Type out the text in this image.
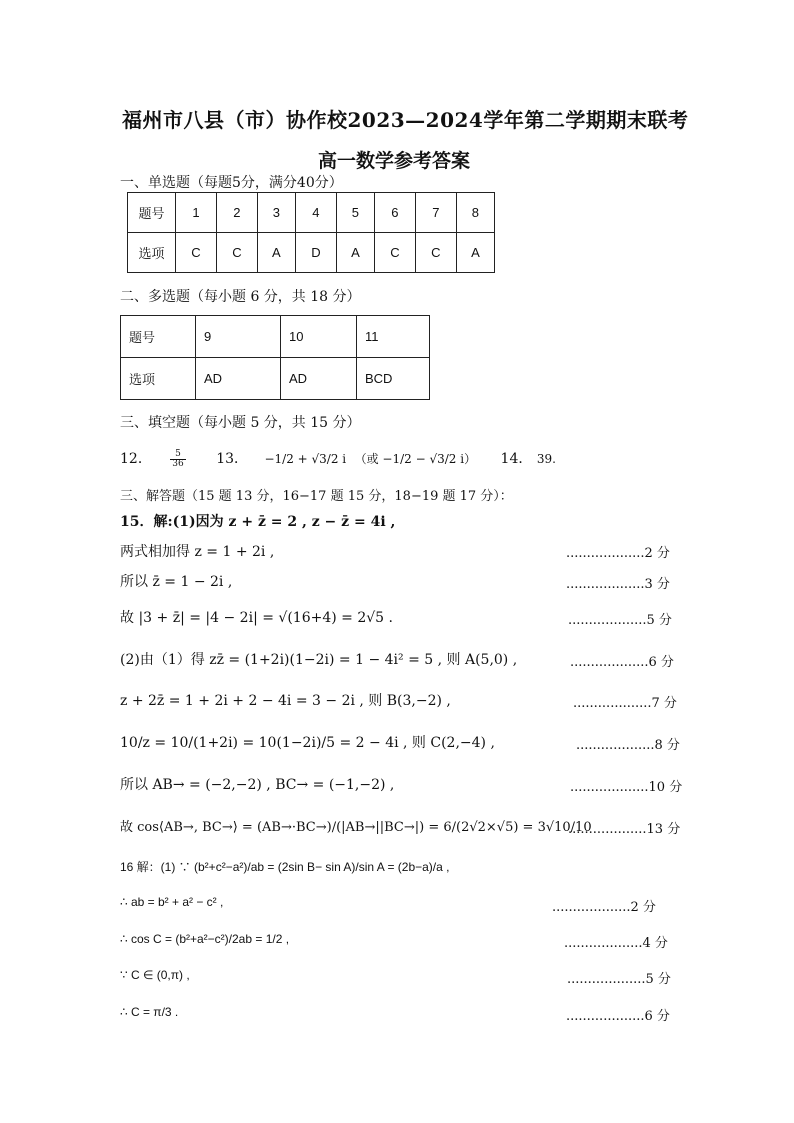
福州市八县（市）协作校2023—2024学年第二学期期末联考
高一数学参考答案
一、单选题（每题5分，满分40分）
题号	1	2	3	4	5	6	7	8
选项	C	C	A	D	A	C	C	A
二、多选题（每小题 6 分，共 18 分）
题号	9	10	11
选项	AD	AD	BCD
三、填空题（每小题 5 分，共 15 分）
12． $\frac{5}{36} 13$． −1/2 + √3/2 i （或 −1/2 − √3/2 i） 14． 39.
三、解答题（15 题 13 分，16−17 题 15 分，18−19 题 17 分）：
15．解:(1)因为 z + z̄ = 2 , z − z̄ = 4i ,
两式相加得 z = 1 + 2i ,	...................2 分
所以 z̄ = 1 − 2i ,	...................3 分
故 |3 + z̄| = |4 − 2i| = √(16+4) = 2√5 .	...................5 分
(2)由（1）得 zz̄ = (1+2i)(1−2i) = 1 − 4i² = 5 , 则 A(5,0) ,	...................6 分
z + 2z̄ = 1 + 2i + 2 − 4i = 3 − 2i , 则 B(3,−2) ,	...................7 分
10/z = 10/(1+2i) = 10(1−2i)/5 = 2 − 4i , 则 C(2,−4) ,	...................8 分
所以 AB→ = (−2,−2) , BC→ = (−1,−2) ,	...................10 分
故 cos⟨AB→, BC→⟩ = (AB→·BC→)/(|AB→||BC→|) = 6/(2√2×√5) = 3√10/10
...................13 分
16 解：(1) ∵ (b²+c²−a²)/ab = (2sin B− sin A)/sin A = (2b−a)/a ,
∴ ab = b² + a² − c² ,	...................2 分
∴ cos C = (b²+a²−c²)/2ab = 1/2 ,	...................4 分
∵ C ∈ (0,π) ,	...................5 分
∴ C = π/3 .	...................6 分
